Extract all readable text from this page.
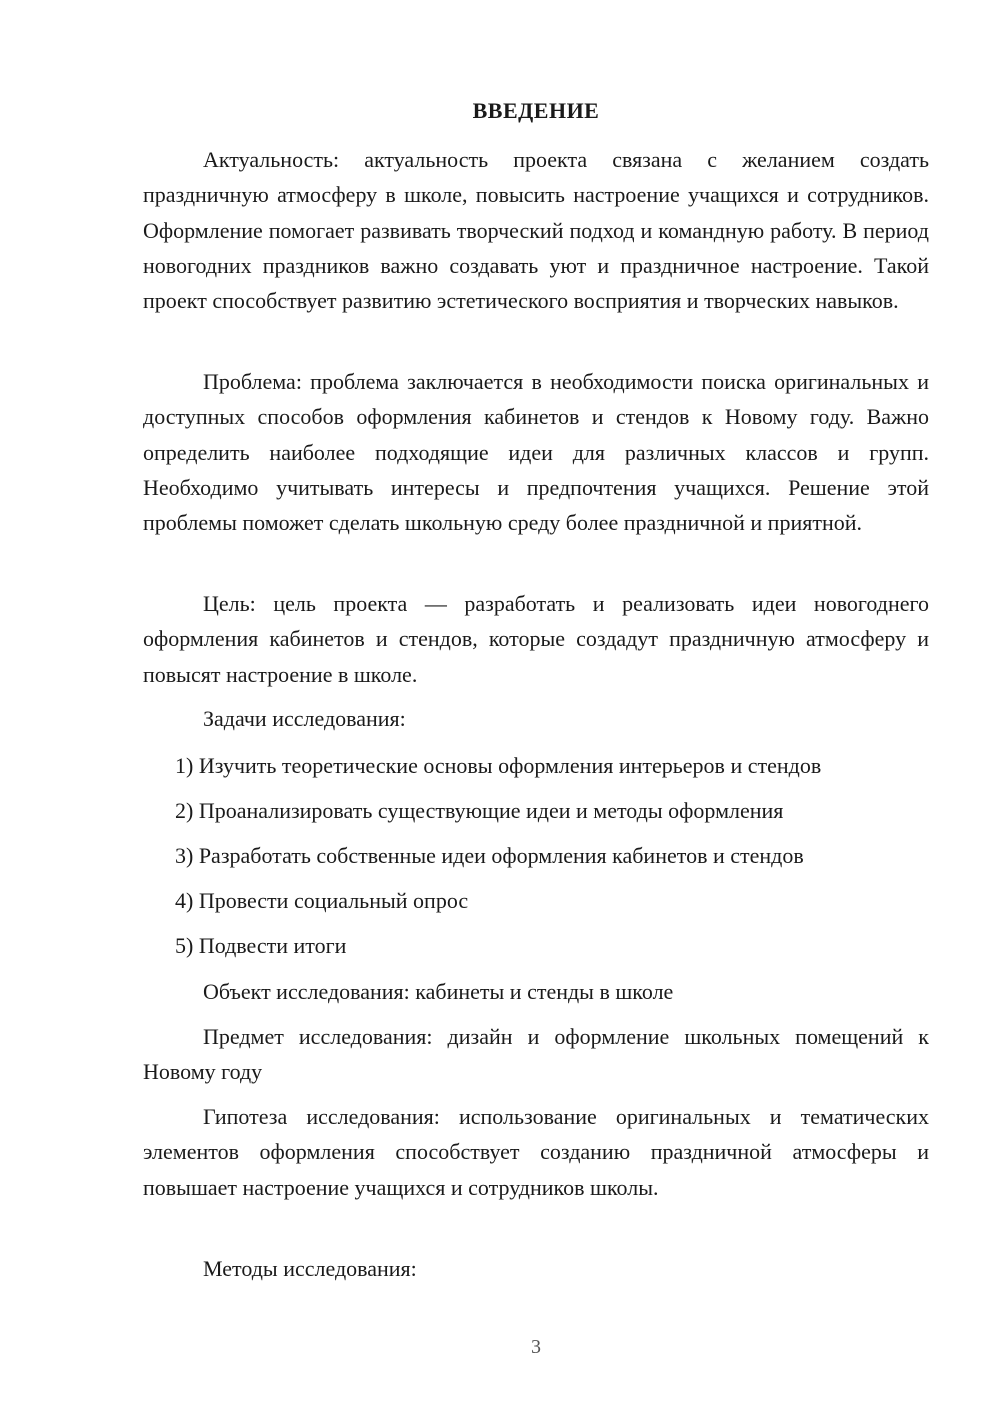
ВВЕДЕНИЕ

Актуальность: актуальность проекта связана с желанием создать праздничную атмосферу в школе, повысить настроение учащихся и сотрудников. Оформление помогает развивать творческий подход и командную работу. В период новогодних праздников важно создавать уют и праздничное настроение. Такой проект способствует развитию эстетического восприятия и творческих навыков.

Проблема: проблема заключается в необходимости поиска оригинальных и доступных способов оформления кабинетов и стендов к Новому году. Важно определить наиболее подходящие идеи для различных классов и групп. Необходимо учитывать интересы и предпочтения учащихся. Решение этой проблемы поможет сделать школьную среду более праздничной и приятной.

Цель: цель проекта — разработать и реализовать идеи новогоднего оформления кабинетов и стендов, которые создадут праздничную атмосферу и повысят настроение в школе.

Задачи исследования:

1) Изучить теоретические основы оформления интерьеров и стендов

2) Проанализировать существующие идеи и методы оформления

3) Разработать собственные идеи оформления кабинетов и стендов

4) Провести социальный опрос

5) Подвести итоги

Объект исследования: кабинеты и стенды в школе

Предмет исследования: дизайн и оформление школьных помещений к Новому году

Гипотеза исследования: использование оригинальных и тематических элементов оформления способствует созданию праздничной атмосферы и повышает настроение учащихся и сотрудников школы.

Методы исследования:

3
